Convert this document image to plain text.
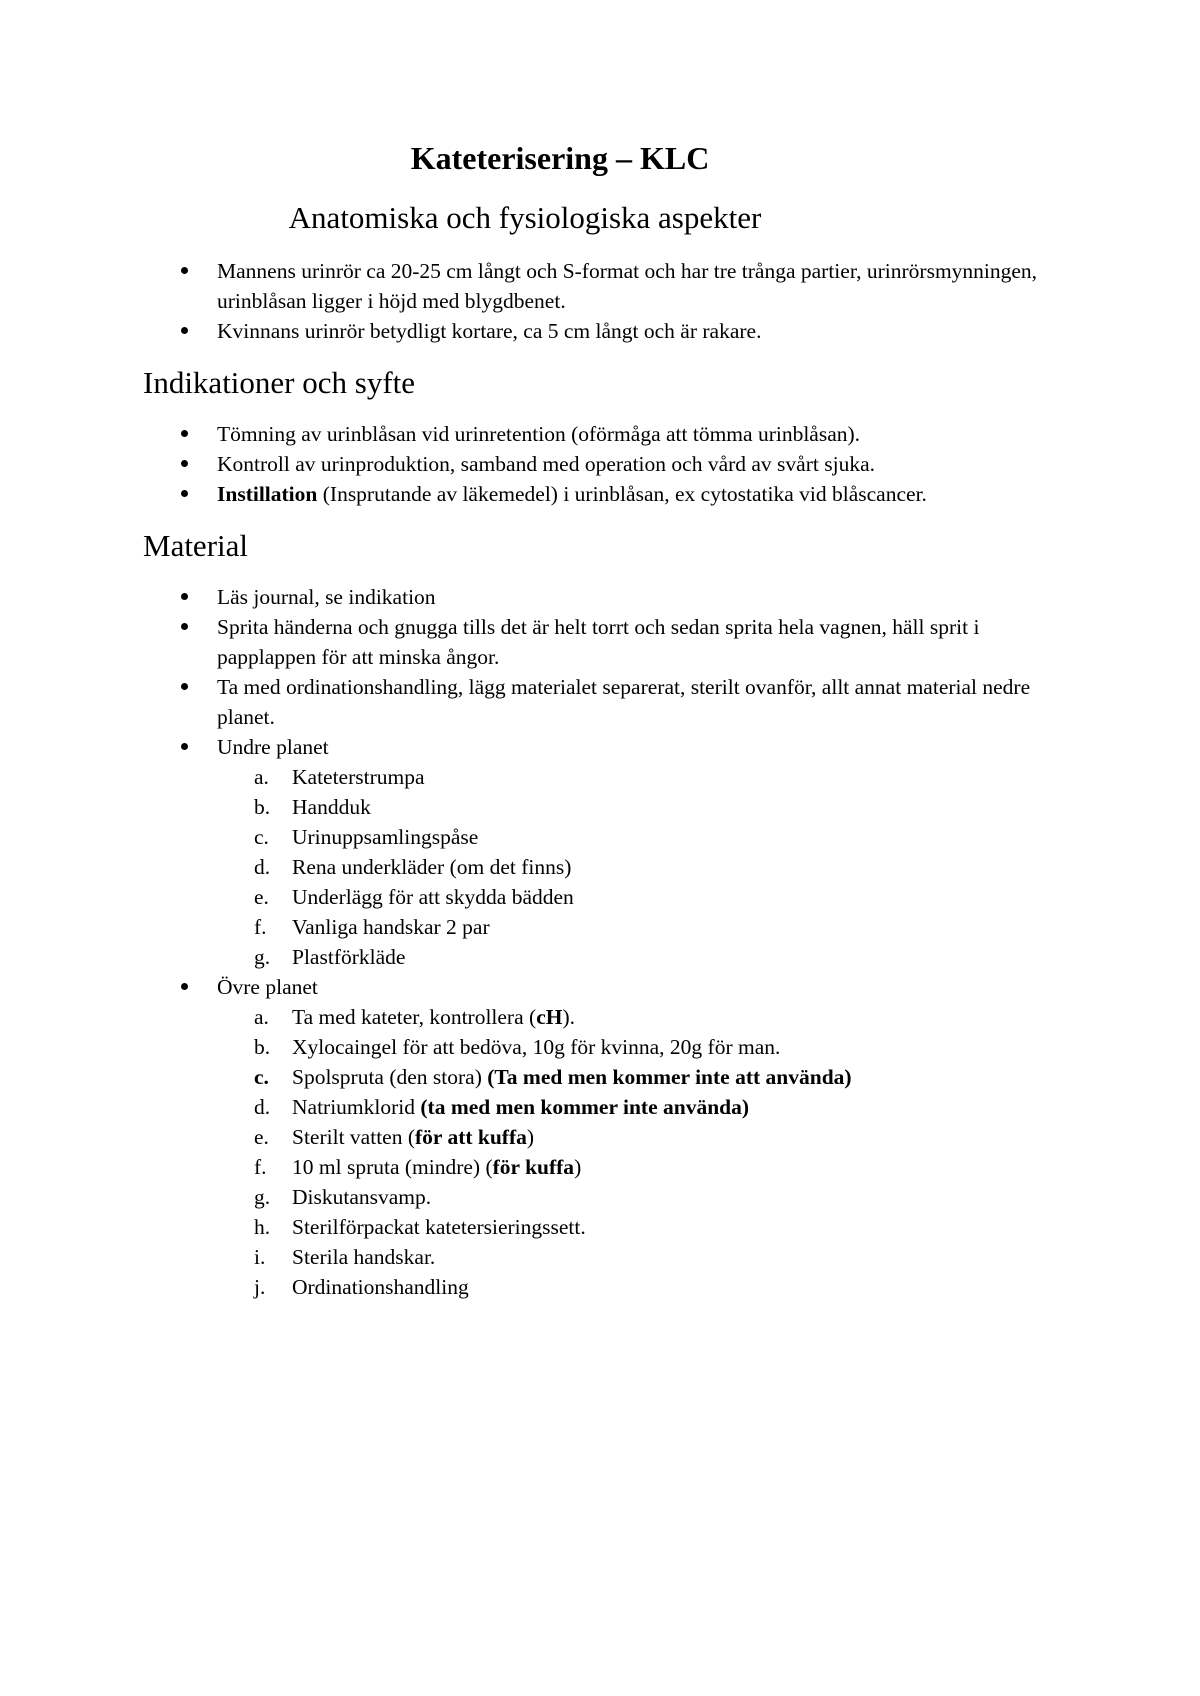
Kateterisering – KLC
Anatomiska och fysiologiska aspekter
Mannens urinrör ca 20-25 cm långt och S-format och har tre trånga partier, urinrörsmynningen, urinblåsan ligger i höjd med blygdbenet.
Kvinnans urinrör betydligt kortare, ca 5 cm långt och är rakare.
Indikationer och syfte
Tömning av urinblåsan vid urinretention (oförmåga att tömma urinblåsan).
Kontroll av urinproduktion, samband med operation och vård av svårt sjuka.
Instillation (Insprutande av läkemedel) i urinblåsan, ex cytostatika vid blåscancer.
Material
Läs journal, se indikation
Sprita händerna och gnugga tills det är helt torrt och sedan sprita hela vagnen, häll sprit i papplappen för att minska ångor.
Ta med ordinationshandling, lägg materialet separerat, sterilt ovanför, allt annat material nedre planet.
Undre planet
a. Kateterstrumpa
b. Handduk
c. Urinuppsamlingspåse
d. Rena underkläder (om det finns)
e. Underlägg för att skydda bädden
f. Vanliga handskar 2 par
g. Plastförkläde
Övre planet
a. Ta med kateter, kontrollera (cH).
b. Xylocaingel för att bedöva, 10g för kvinna, 20g för man.
c. Spolspruta (den stora) (Ta med men kommer inte att använda)
d. Natriumklorid (ta med men kommer inte använda)
e. Sterilt vatten (för att kuffa)
f. 10 ml spruta (mindre) (för kuffa)
g. Diskutansvamp.
h. Sterilförpackat katetersieringssett.
i. Sterila handskar.
j. Ordinationshandling
